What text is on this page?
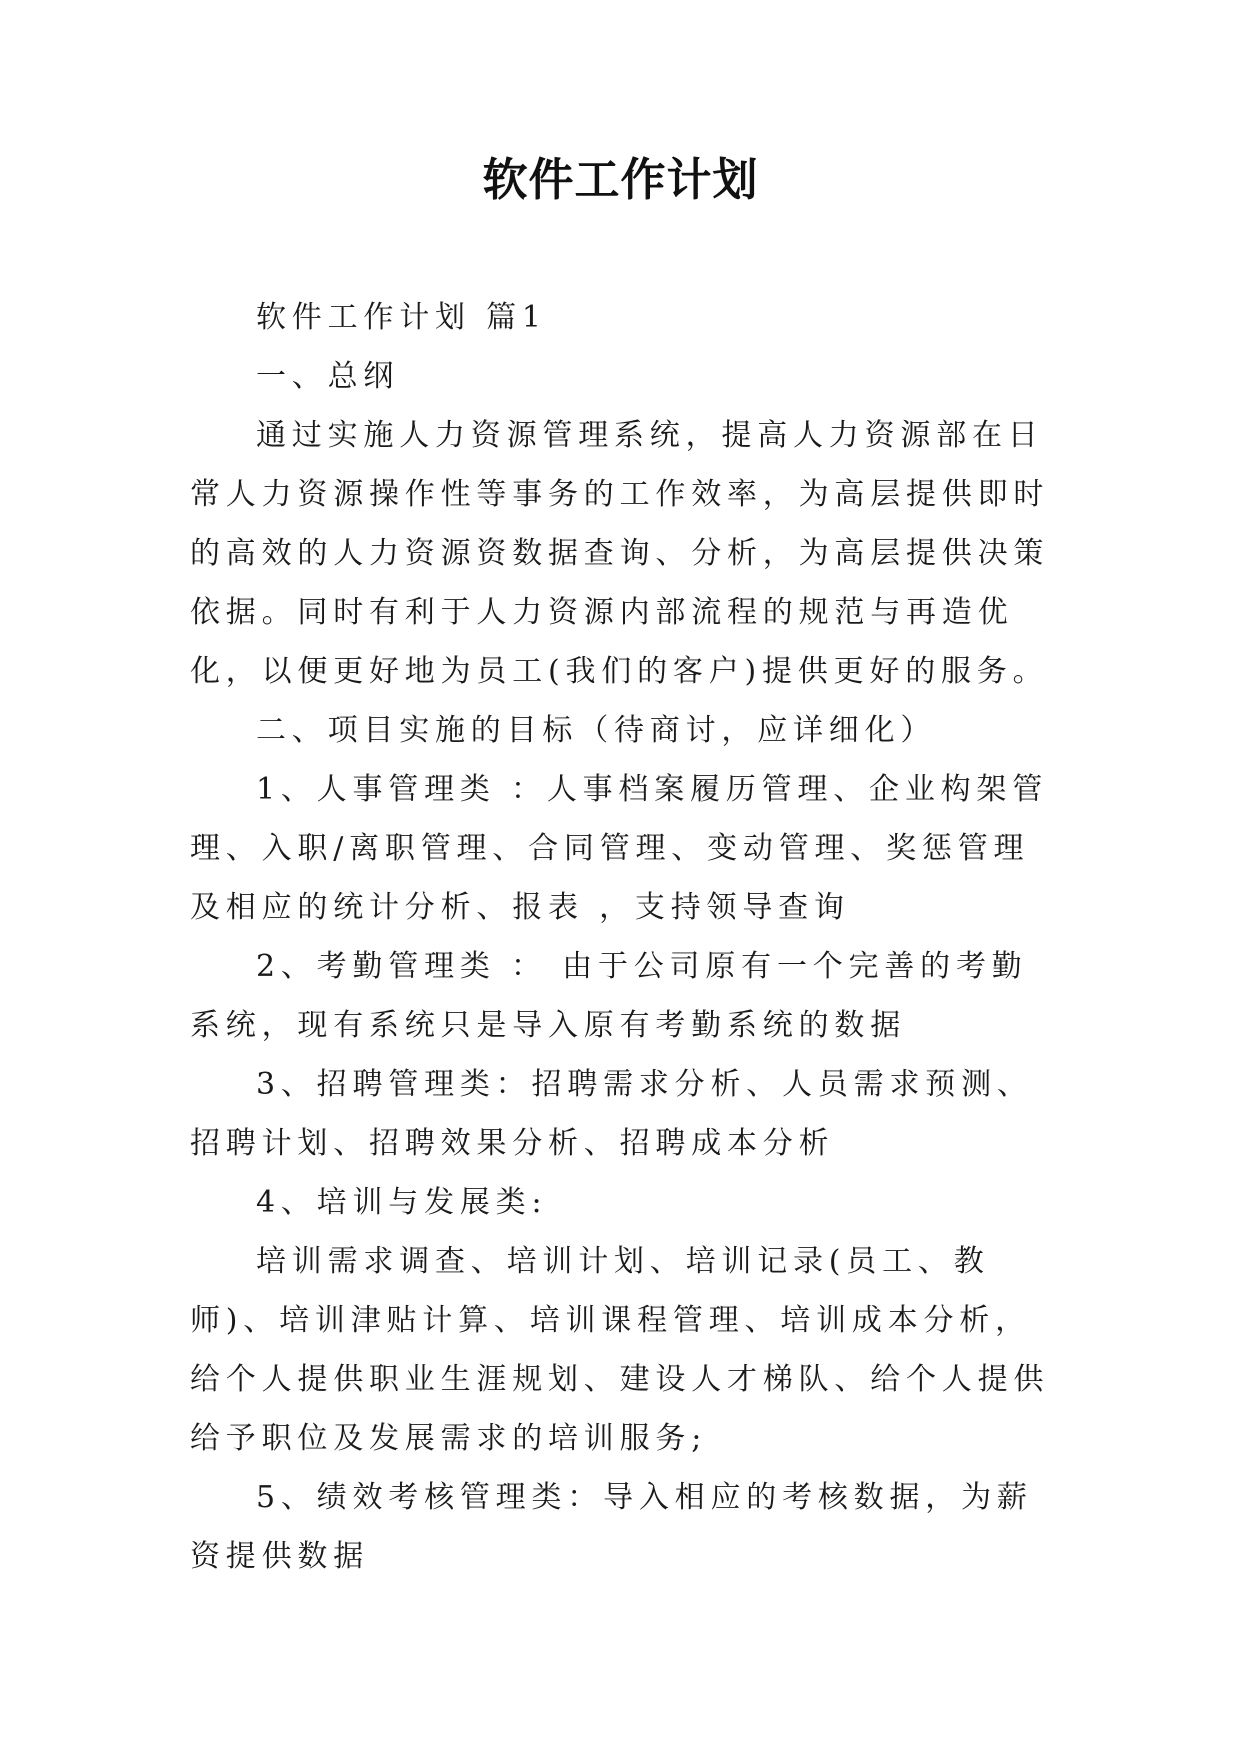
软件工作计划

软件工作计划 篇1

一、总纲

通过实施人力资源管理系统，提高人力资源部在日常人力资源操作性等事务的工作效率，为高层提供即时的高效的人力资源资数据查询、分析，为高层提供决策依据。同时有利于人力资源内部流程的规范与再造优化，以便更好地为员工(我们的客户)提供更好的服务。

二、项目实施的目标（待商讨，应详细化）

1、人事管理类 ：人事档案履历管理、企业构架管理、入职/离职管理、合同管理、变动管理、奖惩管理及相应的统计分析、报表 ，支持领导查询

2、考勤管理类 ： 由于公司原有一个完善的考勤系统，现有系统只是导入原有考勤系统的数据

3、招聘管理类：招聘需求分析、人员需求预测、招聘计划、招聘效果分析、招聘成本分析

4、培训与发展类:

培训需求调查、培训计划、培训记录(员工、教师)、培训津贴计算、培训课程管理、培训成本分析，给个人提供职业生涯规划、建设人才梯队、给个人提供给予职位及发展需求的培训服务;

5、绩效考核管理类：导入相应的考核数据，为薪资提供数据
